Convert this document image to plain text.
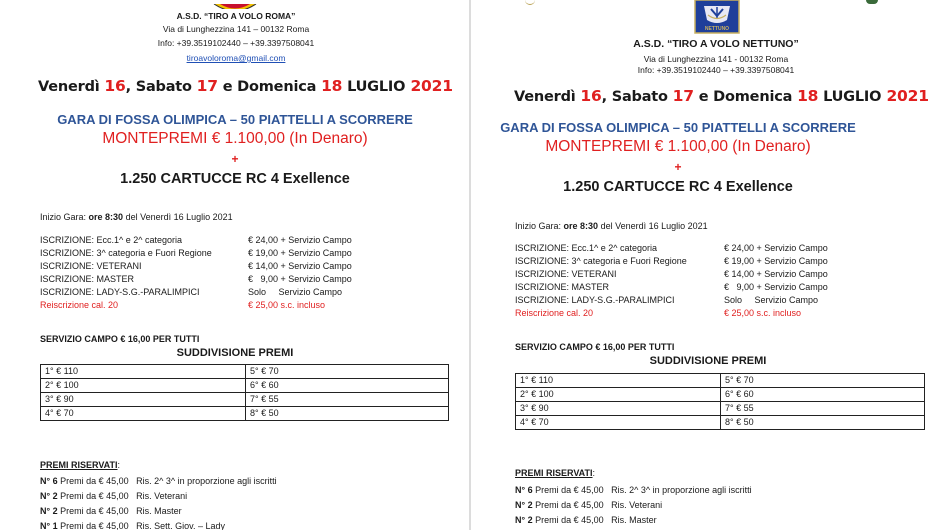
A.S.D. “TIRO A VOLO ROMA”
Via di Lunghezzina 141 – 00132 Roma
Info: +39.3519102440 – +39.3397508041
tiroavoloroma@gmail.com
Venerdì 16, Sabato 17 e Domenica 18 LUGLIO 2021
GARA DI FOSSA OLIMPICA – 50 PIATTELLI A SCORRERE
MONTEPREMI € 1.100,00 (In Denaro)
+
1.250 CARTUCCE RC 4 Exellence
Inizio Gara: ore 8:30 del Venerdì 16 Luglio 2021
ISCRIZIONE: Ecc.1^ e 2^ categoria	€ 24,00 + Servizio Campo
ISCRIZIONE: 3^ categoria e Fuori Regione	€ 19,00 + Servizio Campo
ISCRIZIONE: VETERANI	€ 14,00 + Servizio Campo
ISCRIZIONE: MASTER	€   9,00 + Servizio Campo
ISCRIZIONE: LADY-S.G.-PARALIMPICI	Solo     Servizio Campo
Reiscrizione cal. 20	€ 25,00 s.c. incluso
SERVIZIO CAMPO € 16,00 PER TUTTI
SUDDIVISIONE PREMI
1° € 110	5° € 70
2° € 100	6° € 60
3° € 90	7° € 55
4° € 70	8° € 50
PREMI RISERVATI:
N° 6 Premi da € 45,00   Ris. 2^ 3^ in proporzione agli iscritti
N° 2 Premi da € 45,00   Ris. Veterani
N° 2 Premi da € 45,00   Ris. Master
N° 1 Premi da € 45,00   Ris. Sett. Giov. – Lady
NETTUNO
A.S.D. “TIRO A VOLO NETTUNO”
Via di Lunghezzina 141 - 00132 Roma
Info: +39.3519102440 – +39.3397508041
Venerdì 16, Sabato 17 e Domenica 18 LUGLIO 2021
GARA DI FOSSA OLIMPICA – 50 PIATTELLI A SCORRERE
MONTEPREMI € 1.100,00 (In Denaro)
+
1.250 CARTUCCE RC 4 Exellence
Inizio Gara: ore 8:30 del Venerdì 16 Luglio 2021
ISCRIZIONE: Ecc.1^ e 2^ categoria	€ 24,00 + Servizio Campo
ISCRIZIONE: 3^ categoria e Fuori Regione	€ 19,00 + Servizio Campo
ISCRIZIONE: VETERANI	€ 14,00 + Servizio Campo
ISCRIZIONE: MASTER	€   9,00 + Servizio Campo
ISCRIZIONE: LADY-S.G.-PARALIMPICI	Solo     Servizio Campo
Reiscrizione cal. 20	€ 25,00 s.c. incluso
SERVIZIO CAMPO € 16,00 PER TUTTI
SUDDIVISIONE PREMI
1° € 110	5° € 70
2° € 100	6° € 60
3° € 90	7° € 55
4° € 70	8° € 50
PREMI RISERVATI:
N° 6 Premi da € 45,00   Ris. 2^ 3^ in proporzione agli iscritti
N° 2 Premi da € 45,00   Ris. Veterani
N° 2 Premi da € 45,00   Ris. Master
